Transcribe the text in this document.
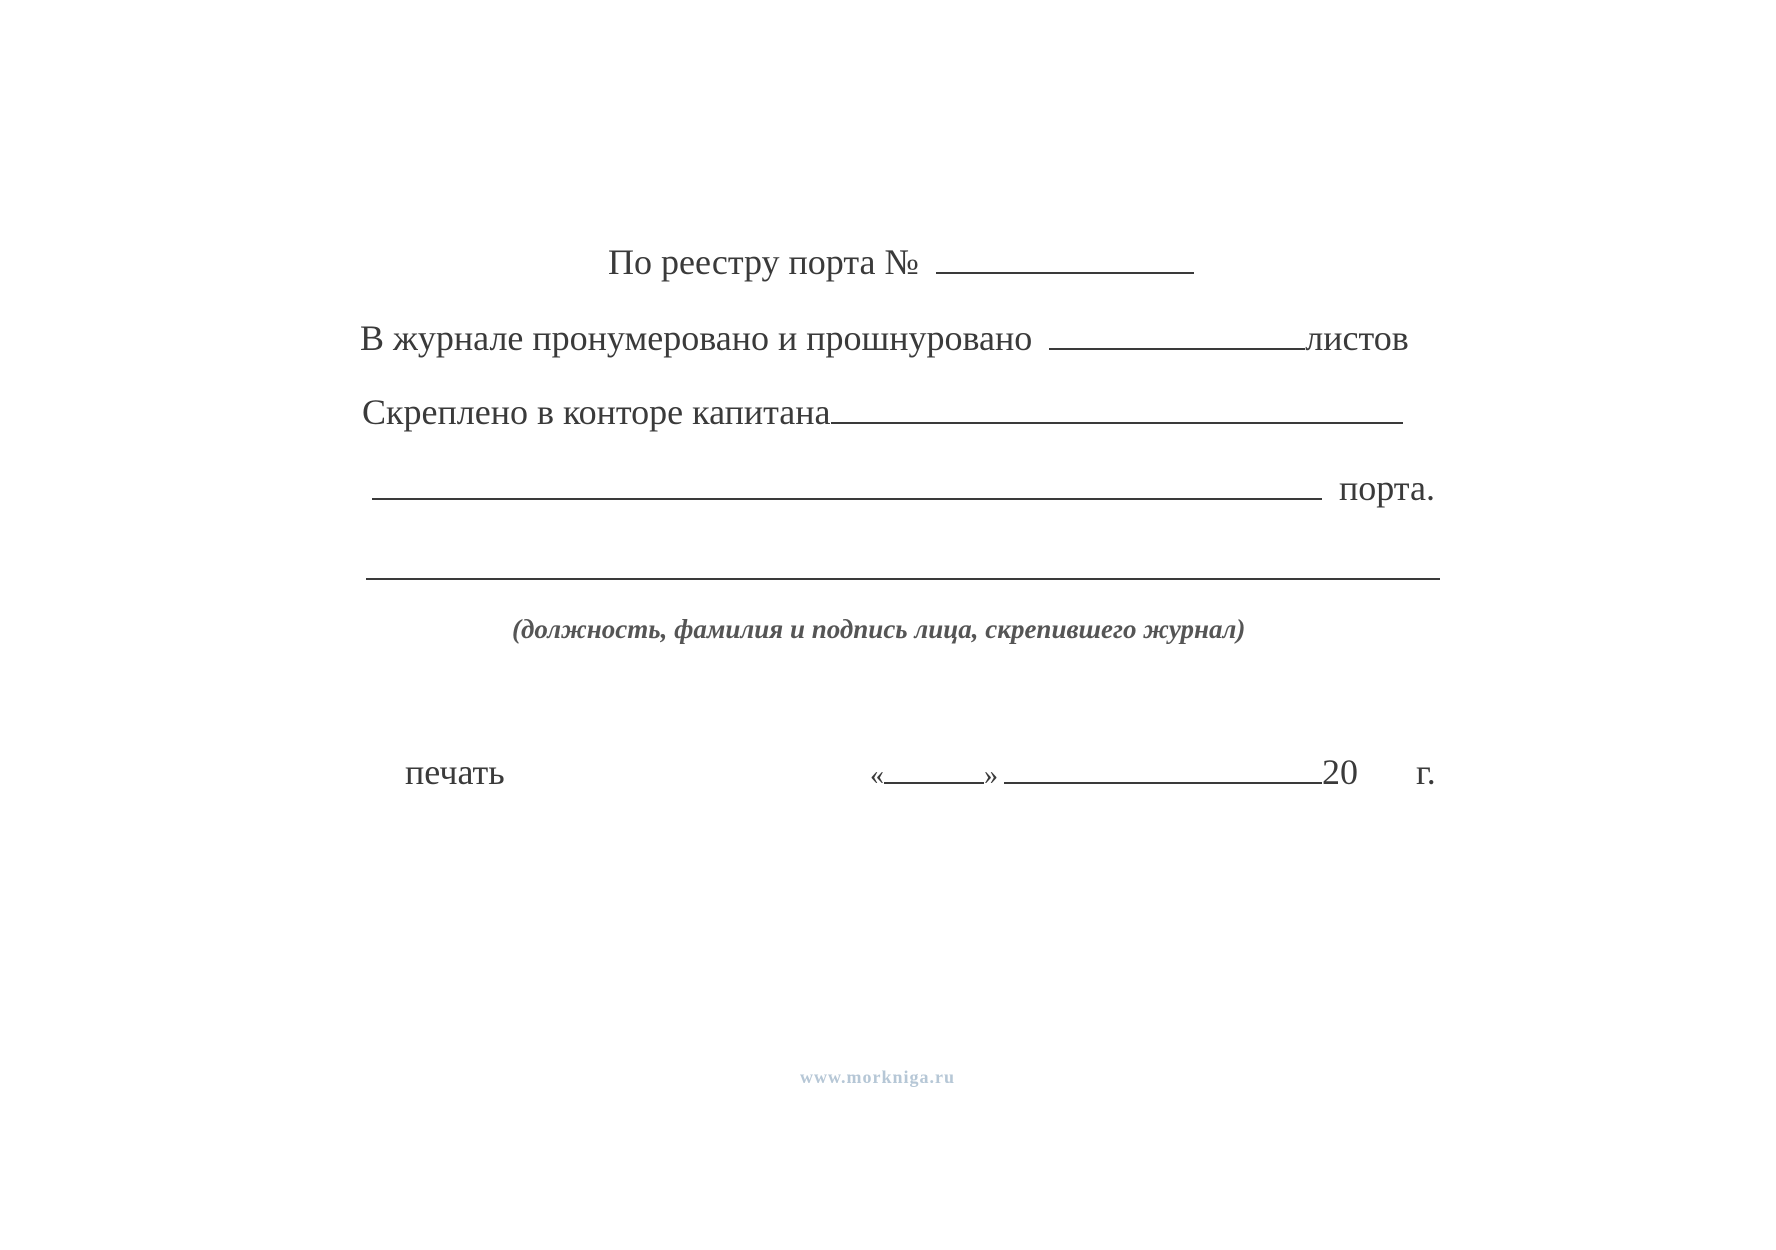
По реестру порта №
В журнале пронумеровано и прошнуровано	листов
Скреплено в конторе капитана
порта.
(должность, фамилия и подпись лица, скрепившего журнал)
печать	«	»	20 г.
www.morkniga.ru
